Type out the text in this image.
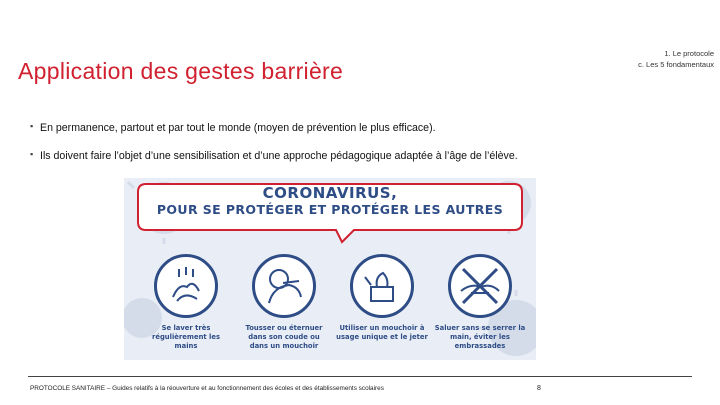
Application des gestes barrière
1. Le protocole
c. Les 5 fondamentaux
▪ En permanence, partout et par tout le monde (moyen de prévention le plus efficace).
▪ Ils doivent faire l’objet d’une sensibilisation et d’une approche pédagogique adaptée à l’âge de l’élève.
CORONAVIRUS,
POUR SE PROTÉGER ET PROTÉGER LES AUTRES
Se laver très régulièrement les mains
Tousser ou éternuer dans son coude ou dans un mouchoir
Utiliser un mouchoir à usage unique et le jeter
Saluer sans se serrer la main, éviter les embrassades
PROTOCOLE SANITAIRE – Guides relatifs à la réouverture et au fonctionnement des écoles et des établissements scolaires	8
